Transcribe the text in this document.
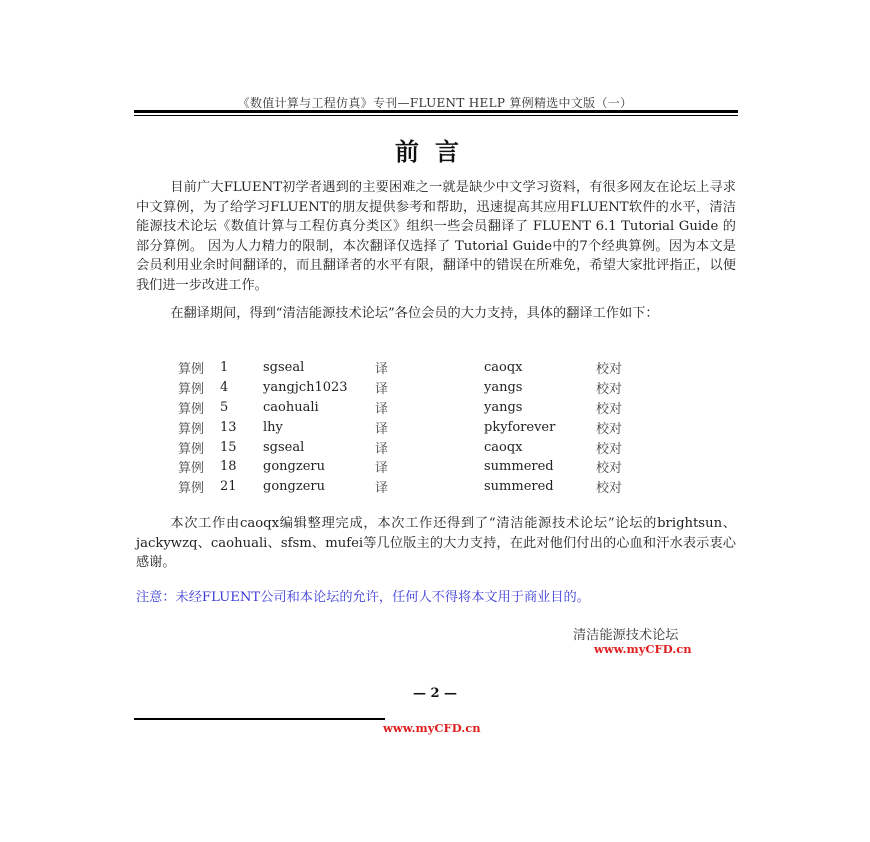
《数值计算与工程仿真》专刊—FLUENT HELP 算例精选中文版（一）
前言

目前广大FLUENT初学者遇到的主要困难之一就是缺少中文学习资料，有很多网友在论坛上寻求中文算例，为了给学习FLUENT的朋友提供参考和帮助，迅速提高其应用FLUENT软件的水平，清洁能源技术论坛《数值计算与工程仿真分类区》组织一些会员翻译了 FLUENT 6.1 Tutorial Guide 的部分算例。 因为人力精力的限制，本次翻译仅选择了 Tutorial Guide中的7个经典算例。因为本文是会员利用业余时间翻译的，而且翻译者的水平有限，翻译中的错误在所难免，希望大家批评指正，以便我们进一步改进工作。

在翻译期间，得到“清洁能源技术论坛”各位会员的大力支持，具体的翻译工作如下：

算例	1	sgseal	译	caoqx	校对
算例	4	yangjch1023	译	yangs	校对
算例	5	caohuali	译	yangs	校对
算例	13	lhy	译	pkyforever	校对
算例	15	sgseal	译	caoqx	校对
算例	18	gongzeru	译	summered	校对
算例	21	gongzeru	译	summered	校对

本次工作由caoqx编辑整理完成，本次工作还得到了“清洁能源技术论坛”论坛的brightsun、jackywzq、caohuali、sfsm、mufei等几位版主的大力支持，在此对他们付出的心血和汗水表示衷心感谢。

注意：未经FLUENT公司和本论坛的允许，任何人不得将本文用于商业目的。
清洁能源技术论坛
www.myCFD.cn
— 2 —
www.myCFD.cn
